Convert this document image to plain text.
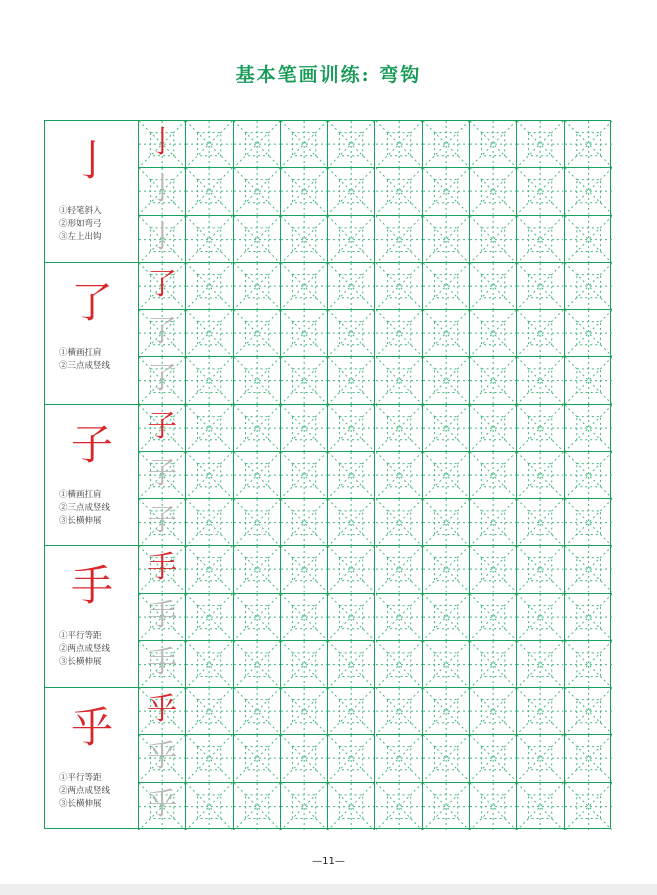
基本笔画训练: 弯钩
亅
①轻笔斜入
②形如弯弓
③左上出钩
亅
亅
亅
了
①横画扛肩
②三点成竖线
了
了
了
子
①横画扛肩
②三点成竖线
③长横伸展
子
子
子
手
①平行等距
②两点成竖线
③长横伸展
手
手
手
乎
①平行等距
②两点成竖线
③长横伸展
乎
乎
乎
—11—
